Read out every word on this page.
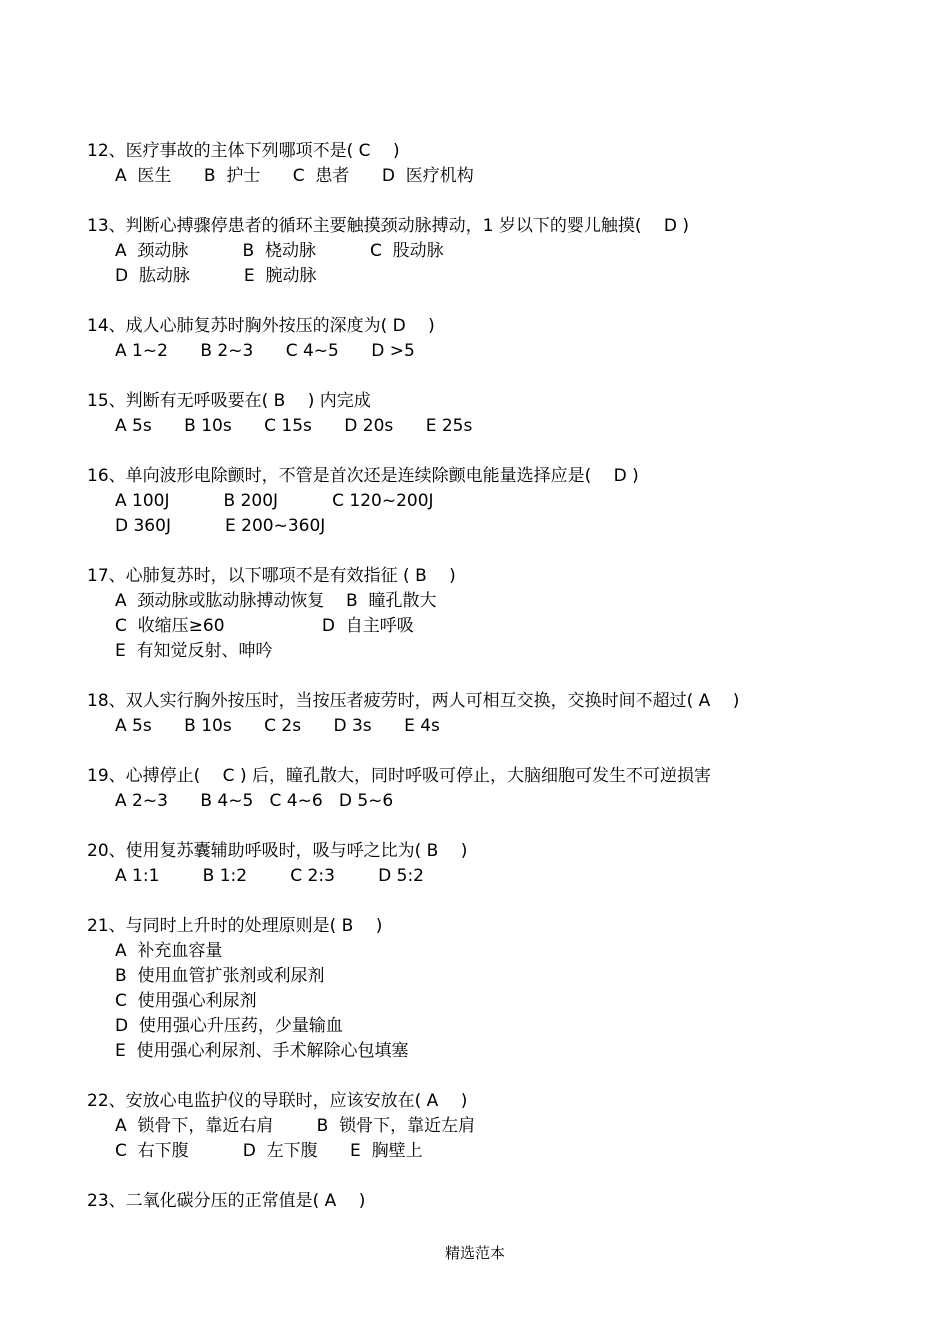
12、医疗事故的主体下列哪项不是( C　 )
A  医生      B  护士      C  患者      D  医疗机构
13、判断心搏骤停患者的循环主要触摸颈动脉搏动，1 岁以下的婴儿触摸(　 D )
A  颈动脉          B  桡动脉          C  股动脉
D  肱动脉          E  腕动脉
14、成人心肺复苏时胸外按压的深度为( D　 )
A 1~2      B 2~3      C 4~5      D >5
15、判断有无呼吸要在( B　 ) 内完成
A 5s      B 10s      C 15s      D 20s      E 25s
16、单向波形电除颤时，不管是首次还是连续除颤电能量选择应是(　 D )
A 100J          B 200J          C 120~200J
D 360J          E 200~360J
17、心肺复苏时，以下哪项不是有效指征 ( B　 )
A  颈动脉或肱动脉搏动恢复    B  瞳孔散大
C  收缩压≥60                  D  自主呼吸
E  有知觉反射、呻吟
18、双人实行胸外按压时，当按压者疲劳时，两人可相互交换，交换时间不超过( A　 )
A 5s      B 10s      C 2s      D 3s      E 4s
19、心搏停止(　 C ) 后，瞳孔散大，同时呼吸可停止，大脑细胞可发生不可逆损害
A 2~3      B 4~5   C 4~6   D 5~6
20、使用复苏囊辅助呼吸时，吸与呼之比为( B　 )
A 1:1        B 1:2        C 2:3        D 5:2
21、与同时上升时的处理原则是( B　 )
A  补充血容量
B  使用血管扩张剂或利尿剂
C  使用强心利尿剂
D  使用强心升压药，少量输血
E  使用强心利尿剂、手术解除心包填塞
22、安放心电监护仪的导联时，应该安放在( A　 )
A  锁骨下，靠近右肩        B  锁骨下，靠近左肩
C  右下腹          D  左下腹      E  胸壁上
23、二氧化碳分压的正常值是( A　 )
精选范本
